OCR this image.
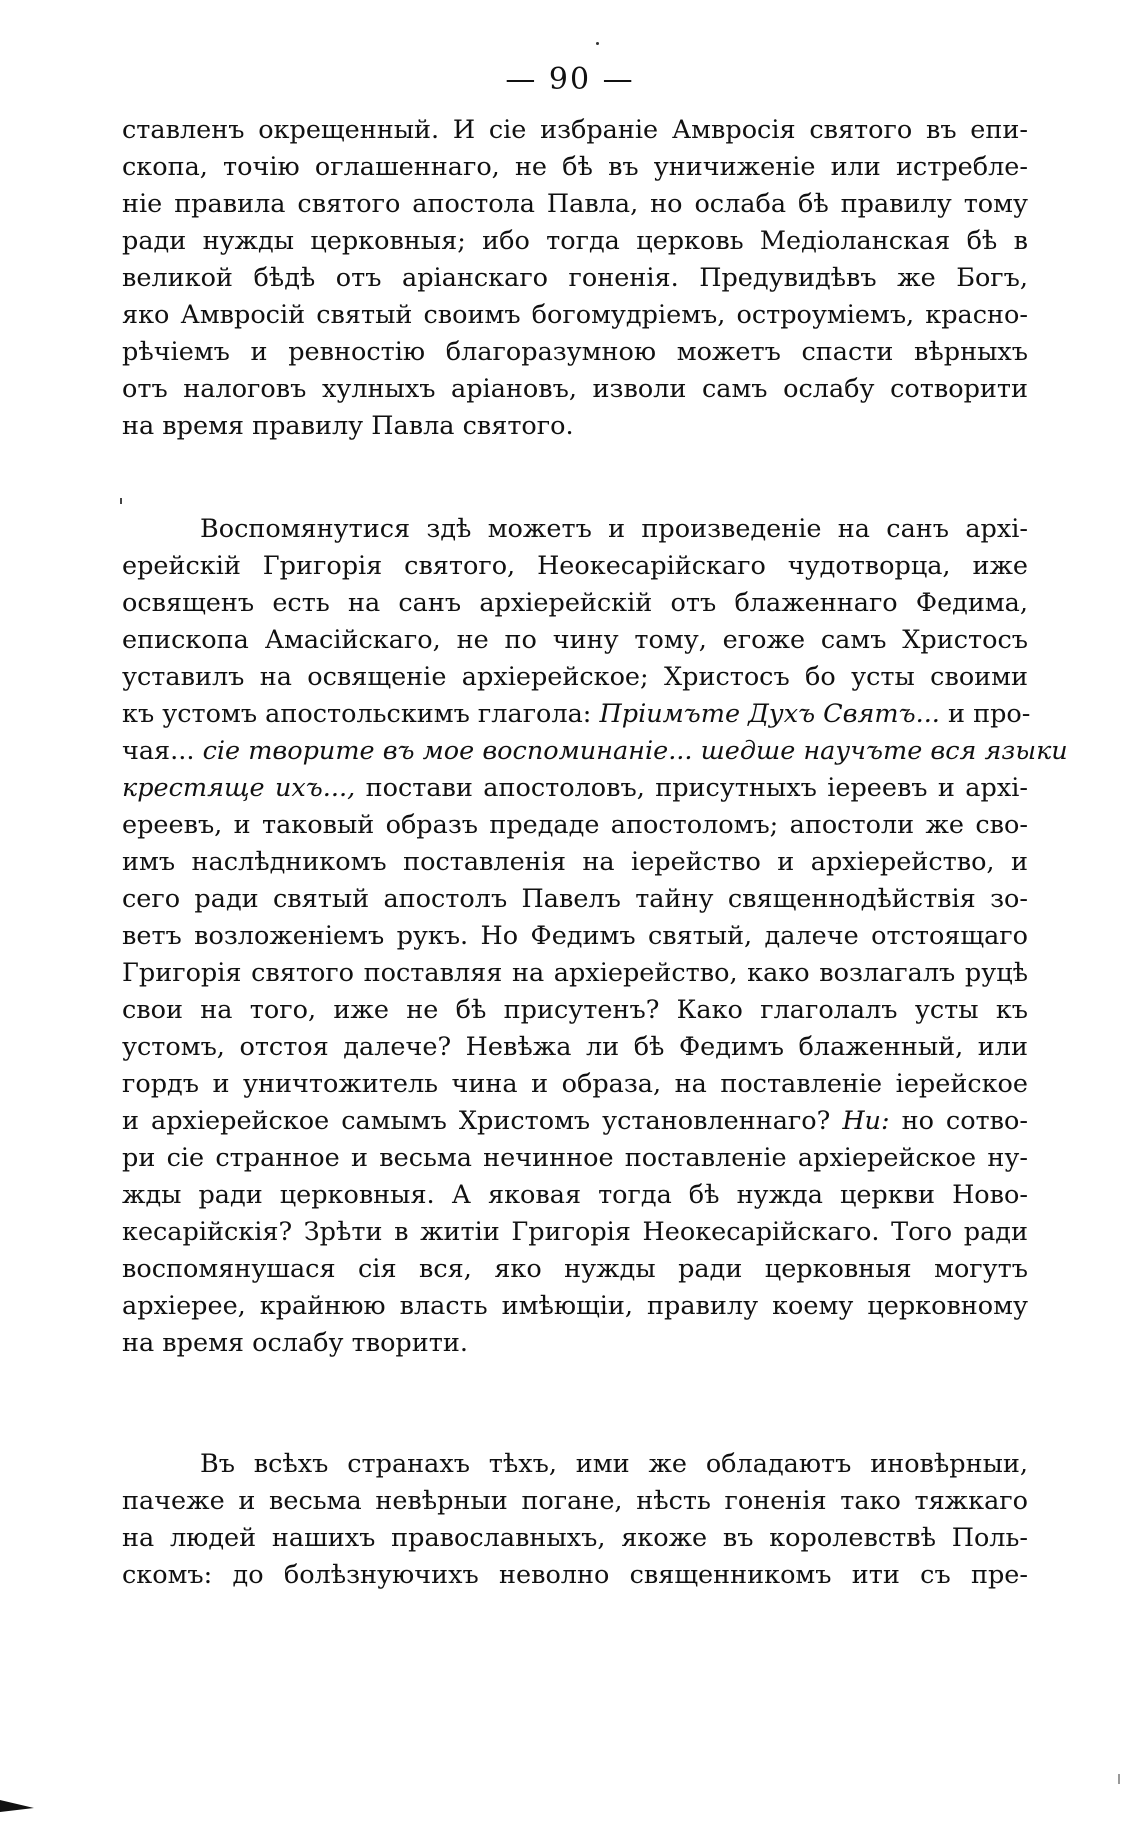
— 90 —
ставленъ окрещенный. И сіе избраніе Амвросія святого въ епи-
скопа, точію оглашеннаго, не бѣ въ уничиженіе или истребле-
ніе правила святого апостола Павла, но ослаба бѣ правилу тому
ради нужды церковныя; ибо тогда церковь Медіоланская бѣ в
великой бѣдѣ отъ аріанскаго гоненія. Предувидѣвъ же Богъ,
яко Амвросій святый своимъ богомудріемъ, остроуміемъ, красно-
рѣчіемъ и ревностію благоразумною можетъ спасти вѣрныхъ
отъ налоговъ хулныхъ аріановъ, изволи самъ ослабу сотворити
на время правилу Павла святого.
Воспомянутися здѣ можетъ и произведеніе на санъ архі-
ерейскій Григорія святого, Неокесарійскаго чудотворца, иже
освященъ есть на санъ архіерейскій отъ блаженнаго Федима,
епископа Амасійскаго, не по чину тому, егоже самъ Христосъ
уставилъ на освященіе архіерейское; Христосъ бо усты своими
къ устомъ апостольскимъ глагола: Пріимъте Духъ Святъ... и про-
чая... сіе творите въ мое воспоминаніе... шедше научъте вся языки
крестяще ихъ..., постави апостоловъ, присутныхъ іереевъ и архі-
ереевъ, и таковый образъ предаде апостоломъ; апостоли же сво-
имъ наслѣдникомъ поставленія на іерейство и архіерейство, и
сего ради святый апостолъ Павелъ тайну священнодѣйствія зо-
ветъ возложеніемъ рукъ. Но Федимъ святый, далече отстоящаго
Григорія святого поставляя на архіерейство, како возлагалъ руцѣ
свои на того, иже не бѣ присутенъ? Како глаголалъ усты къ
устомъ, отстоя далече? Невѣжа ли бѣ Федимъ блаженный, или
гордъ и уничтожитель чина и образа, на поставленіе іерейское
и архіерейское самымъ Христомъ установленнаго? Ни: но сотво-
ри сіе странное и весьма нечинное поставленіе архіерейское ну-
жды ради церковныя. А яковая тогда бѣ нужда церкви Ново-
кесарійскія? Зрѣти в житіи Григорія Неокесарійскаго. Того ради
воспомянушася сія вся, яко нужды ради церковныя могутъ
архіерее, крайнюю власть имѣющіи, правилу коему церковному
на время ослабу творити.
Въ всѣхъ странахъ тѣхъ, ими же обладаютъ иновѣрныи,
пачеже и весьма невѣрныи погане, нѣсть гоненія тако тяжкаго
на людей нашихъ православныхъ, якоже въ королевствѣ Поль-
скомъ: до болѣзнуючихъ неволно священникомъ ити съ пре-
